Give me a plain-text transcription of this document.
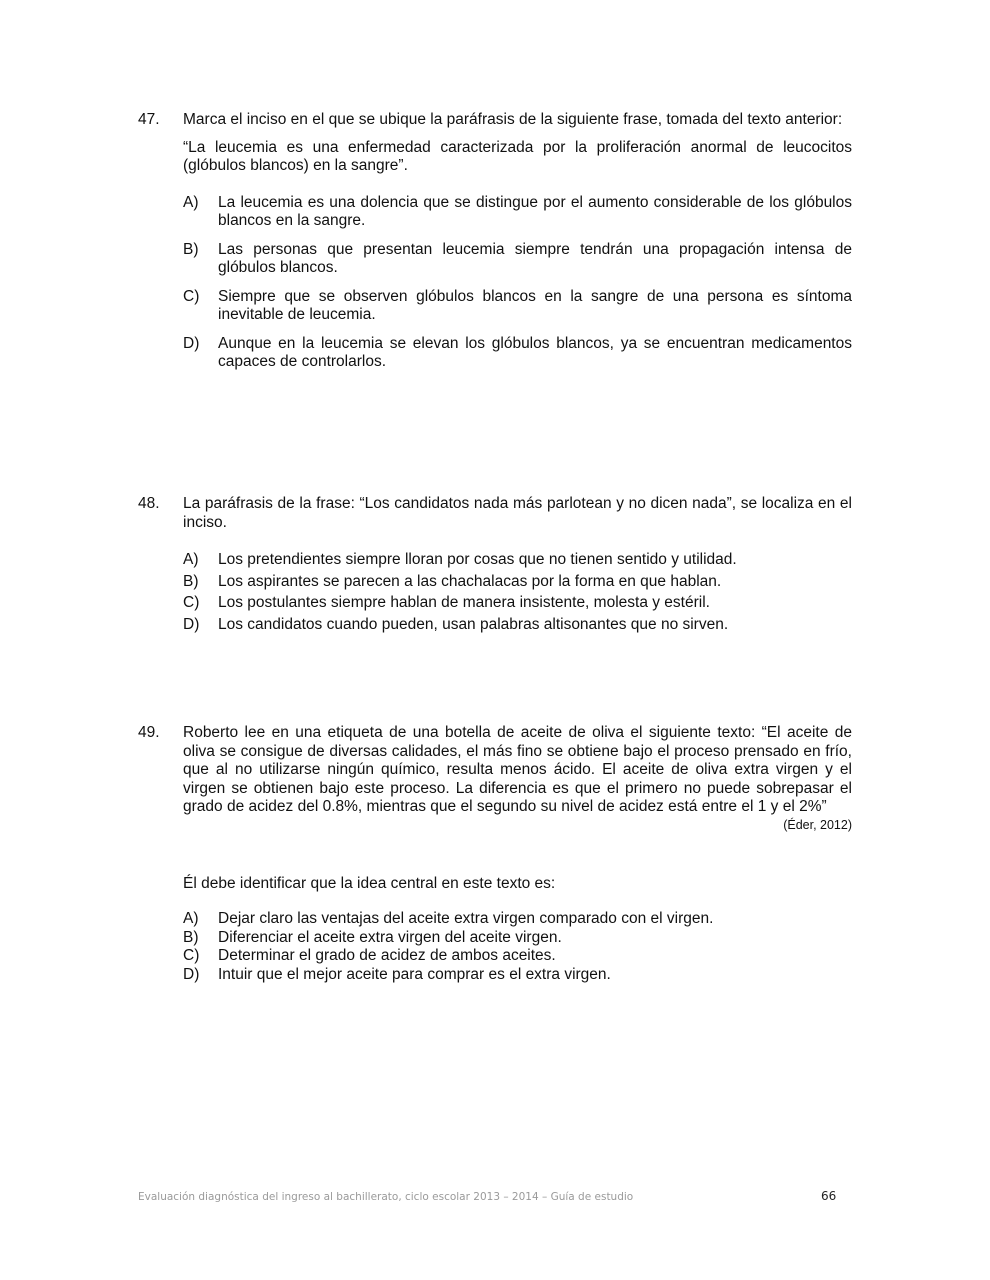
47.	Marca el inciso en el que se ubique la paráfrasis de la siguiente frase, tomada del texto anterior:

“La leucemia es una enfermedad caracterizada por la proliferación anormal de leucocitos (glóbulos blancos) en la sangre”.

A) La leucemia es una dolencia que se distingue por el aumento considerable de los glóbulos blancos en la sangre.
B) Las personas que presentan leucemia siempre tendrán una propagación intensa de glóbulos blancos.
C) Siempre que se observen glóbulos blancos en la sangre de una persona es síntoma inevitable de leucemia.
D) Aunque en la leucemia se elevan los glóbulos blancos, ya se encuentran medicamentos capaces de controlarlos.
48.	La paráfrasis de la frase: “Los candidatos nada más parlotean y no dicen nada”, se localiza en el inciso.

A) Los pretendientes siempre lloran por cosas que no tienen sentido y utilidad.
B) Los aspirantes se parecen a las chachalacas por la forma en que hablan.
C) Los postulantes siempre hablan de manera insistente, molesta y estéril.
D) Los candidatos cuando pueden, usan palabras altisonantes que no sirven.
49.	Roberto lee en una etiqueta de una botella de aceite de oliva el siguiente texto: “El aceite de oliva se consigue de diversas calidades, el más fino se obtiene bajo el proceso prensado en frío, que al no utilizarse ningún químico, resulta menos ácido. El aceite de oliva extra virgen y el virgen se obtienen bajo este proceso. La diferencia es que el primero no puede sobrepasar el grado de acidez del 0.8%, mientras que el segundo su nivel de acidez está entre el 1 y el 2%”

(Éder, 2012)

Él debe identificar que la idea central en este texto es:

A) Dejar claro las ventajas del aceite extra virgen comparado con el virgen.
B) Diferenciar el aceite extra virgen del aceite virgen.
C) Determinar el grado de acidez de ambos aceites.
D) Intuir que el mejor aceite para comprar es el extra virgen.
Evaluación diagnóstica del ingreso al bachillerato, ciclo escolar 2013 – 2014 – Guía de estudio	66
